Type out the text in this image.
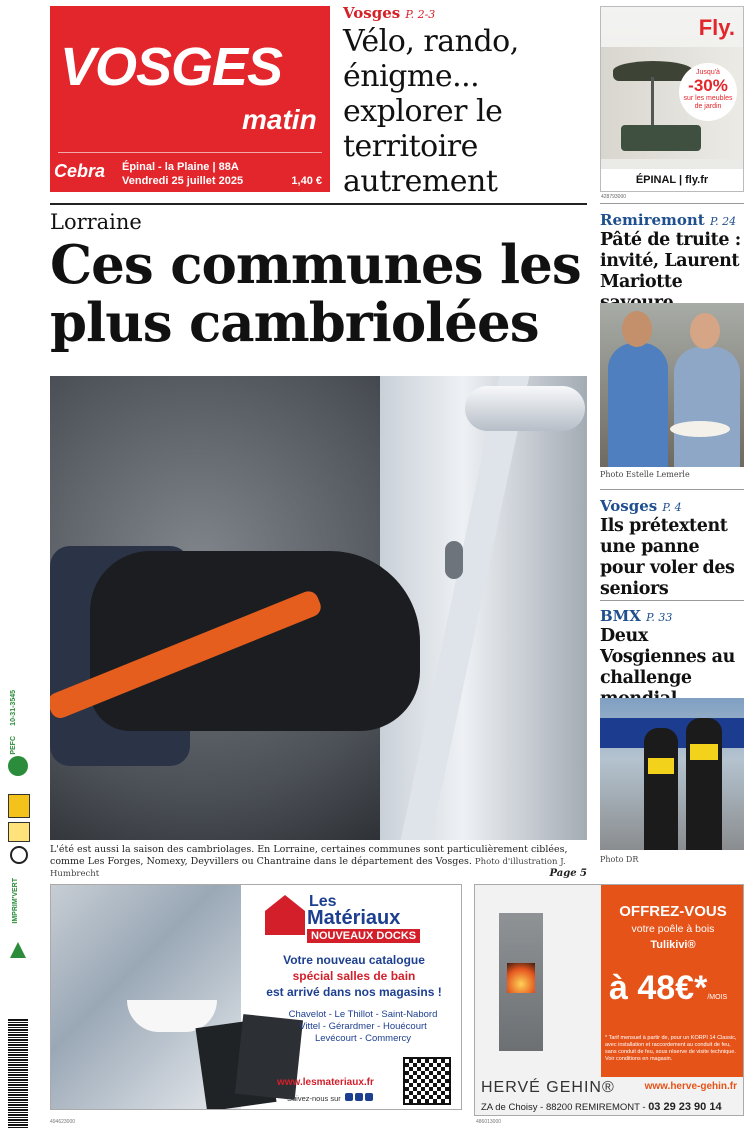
VOSGES
matin
Cebra Épinal - la Plaine | 88A
Vendredi 25 juillet 2025	1,40 €
Vosges P. 2-3
Vélo, rando, énigme... explorer le territoire autrement
Fly.
Jusqu'à
-30%
sur les meubles de jardin
ÉPINAL | fly.fr
428793000
Lorraine
Ces communes les plus cambriolées
L'été est aussi la saison des cambriolages. En Lorraine, certaines communes sont particulièrement ciblées, comme Les Forges, Nomexy, Deyvillers ou Chantraine dans le département des Vosges. Photo d'illustration J. Humbrecht	Page 5
Remiremont P. 24
Pâté de truite : invité, Laurent Mariotte
Photo Estelle Lemerle
Vosges P. 4
Ils prétextent une panne pour voler des seniors
BMX P. 33
Deux Vosgiennes au challenge
Photo DR
10-31-3545
PEFC
IMPRIM'VERT	Les
Matériaux
NOUVEAUX DOCKS
Votre nouveau catalogue
spécial salles de bain
est arrivé dans nos magasins !
Chavelot - Le Thillot - Saint-Nabord Vittel - Gérardmer - Houécourt Levécourt - Commercy
www.lesmateriaux.fr
Suivez-nous sur
494623000
OFFREZ-VOUS
votre poêle à bois
Tulikivi®
à 48€*/MOIS
* Tarif mensuel à partir de, pour un KORPI 14 Classic, avec installation et raccordement au conduit de feu, sans conduit de feu, sous réserve de visite technique. Voir conditions en magasin.
HERVÉ GEHIN®	www.herve-gehin.fr
ZA de Choisy - 88200 REMIREMONT - 03 29 23 90 14
486013000
